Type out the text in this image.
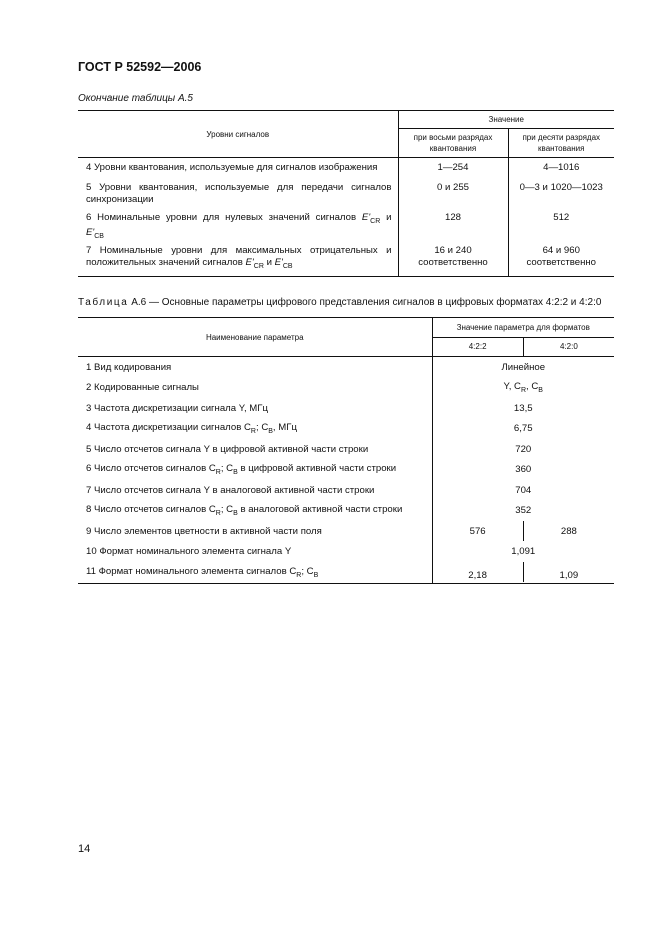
ГОСТ Р 52592—2006
Окончание таблицы А.5
Уровни сигналов	Значение	
	при восьми разрядах квантования	при десяти разрядах квантования
4 Уровни квантования, используемые для сигналов изображения	1—254	4—1016
5 Уровни квантования, используемые для передачи сигналов синхронизации	0 и 255	0—3 и 1020—1023

6 Номинальные уровни для нулевых значений сигналов $E'_{CR}$ и
$E'_{CB}$	128	512
7 Номинальные уровни для максимальных отрицательных и положительных значений сигналов $E'_{CR}$ и $E'_{CB}$	16 и 240 соответственно	64 и 960 соответственно
Таблица А.6 — Основные параметры цифрового представления сигналов в цифровых форматах 4:2:2 и 4:2:0
Наименование параметра	Значение параметра для форматов

	4:2:2 4:2:0

1 Вид кодирования	Линейное
2 Кодированные сигналы	Y, $C_R$, $C_B$
3 Частота дискретизации сигнала Y, МГц	13,5
4 Частота дискретизации сигналов $C_R$; $C_B$, МГц	6,75
5 Число отсчетов сигнала Y в цифровой активной части строки	720
6 Число отсчетов сигналов $C_R$; $C_B$ в цифровой активной части строки	360
7 Число отсчетов сигнала Y в аналоговой активной части строки	704
8 Число отсчетов сигналов $C_R$; $C_B$ в аналоговой активной части строки	352
9 Число элементов цветности в активной части поля	576 288

10 Формат номинального элемента сигнала Y	1,091
11 Формат номинального элемента сигналов $C_R$; $C_B$	2,18 1,09
14
